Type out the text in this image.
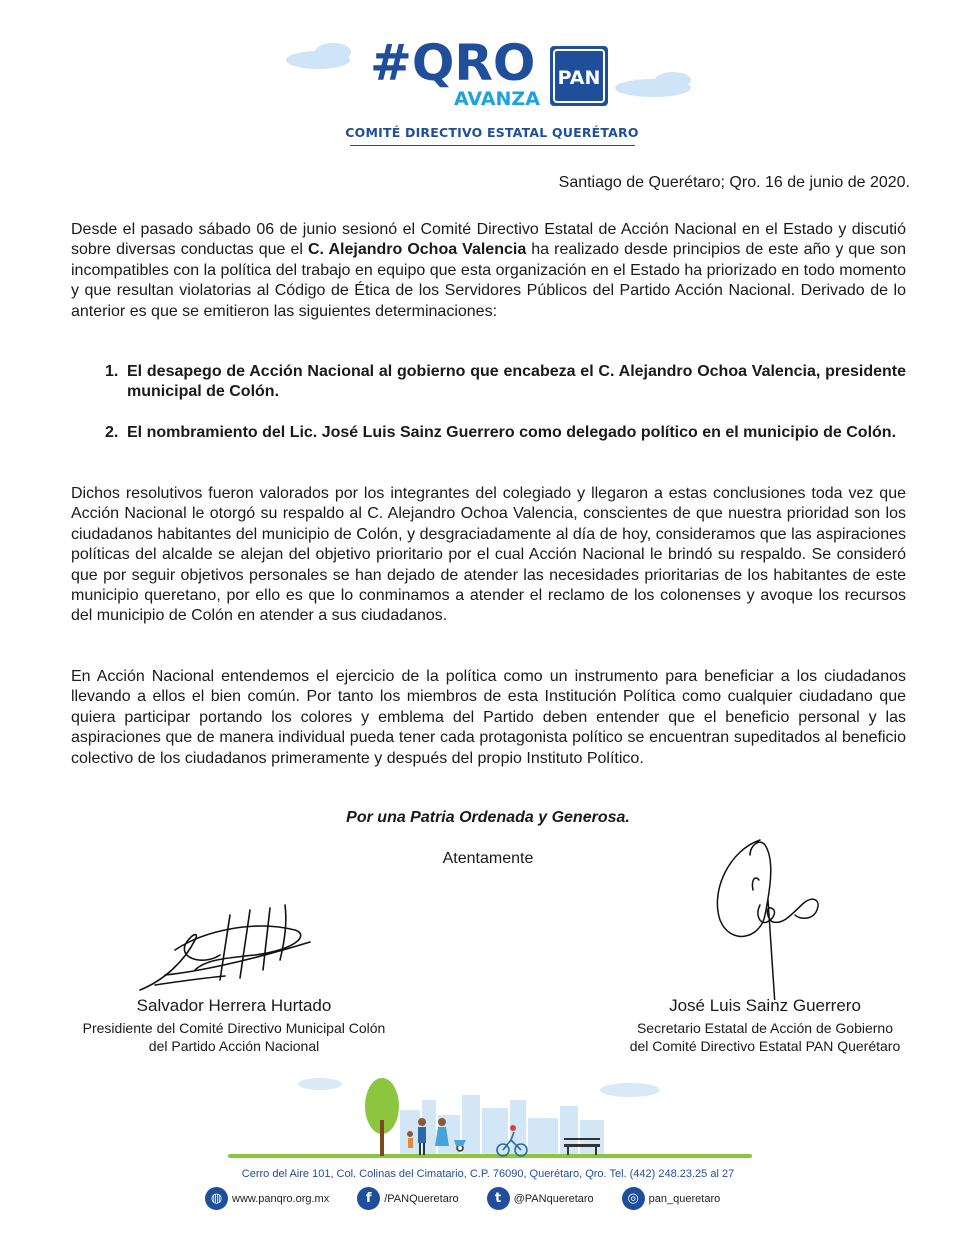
#QRO
AVANZA
PAN
COMITÉ DIRECTIVO ESTATAL QUERÉTARO
Santiago de Querétaro; Qro. 16 de junio de 2020.
Desde el pasado sábado 06 de junio sesionó el Comité Directivo Estatal de Acción Nacional en el Estado y discutió sobre diversas conductas que el C. Alejandro Ochoa Valencia ha realizado desde principios de este año y que son incompatibles con la política del trabajo en equipo que esta organización en el Estado ha priorizado en todo momento y que resultan violatorias al Código de Ética de los Servidores Públicos del Partido Acción Nacional. Derivado de lo anterior es que se emitieron las siguientes determinaciones:
1. El desapego de Acción Nacional al gobierno que encabeza el C. Alejandro Ochoa Valencia, presidente municipal de Colón.
2. El nombramiento del Lic. José Luis Sainz Guerrero como delegado político en el municipio de Colón.
Dichos resolutivos fueron valorados por los integrantes del colegiado y llegaron a estas conclusiones toda vez que Acción Nacional le otorgó su respaldo al C. Alejandro Ochoa Valencia, conscientes de que nuestra prioridad son los ciudadanos habitantes del municipio de Colón, y desgraciadamente al día de hoy, consideramos que las aspiraciones políticas del alcalde se alejan del objetivo prioritario por el cual Acción Nacional le brindó su respaldo. Se consideró que por seguir objetivos personales se han dejado de atender las necesidades prioritarias de los habitantes de este municipio queretano, por ello es que lo conminamos a atender el reclamo de los colonenses y avoque los recursos del municipio de Colón en atender a sus ciudadanos.
En Acción Nacional entendemos el ejercicio de la política como un instrumento para beneficiar a los ciudadanos llevando a ellos el bien común. Por tanto los miembros de esta Institución Política como cualquier ciudadano que quiera participar portando los colores y emblema del Partido deben entender que el beneficio personal y las aspiraciones que de manera individual pueda tener cada protagonista político se encuentran supeditados al beneficio colectivo de los ciudadanos primeramente y después del propio Instituto Político.
Por una Patria Ordenada y Generosa.
Atentamente
Salvador Herrera Hurtado
Presidiente del Comité Directivo Municipal Colón
del Partido Acción Nacional
José Luis Sainz Guerrero
Secretario Estatal de Acción de Gobierno
del Comité Directivo Estatal PAN Querétaro
Cerro del Aire 101, Col. Colinas del Cimatario, C.P. 76090, Querétaro, Qro. Tel. (442) 248.23.25 al 27
◍ www.panqro.org.mx	f	/PANQueretaro	t	@PANqueretaro	◎ pan_queretaro
